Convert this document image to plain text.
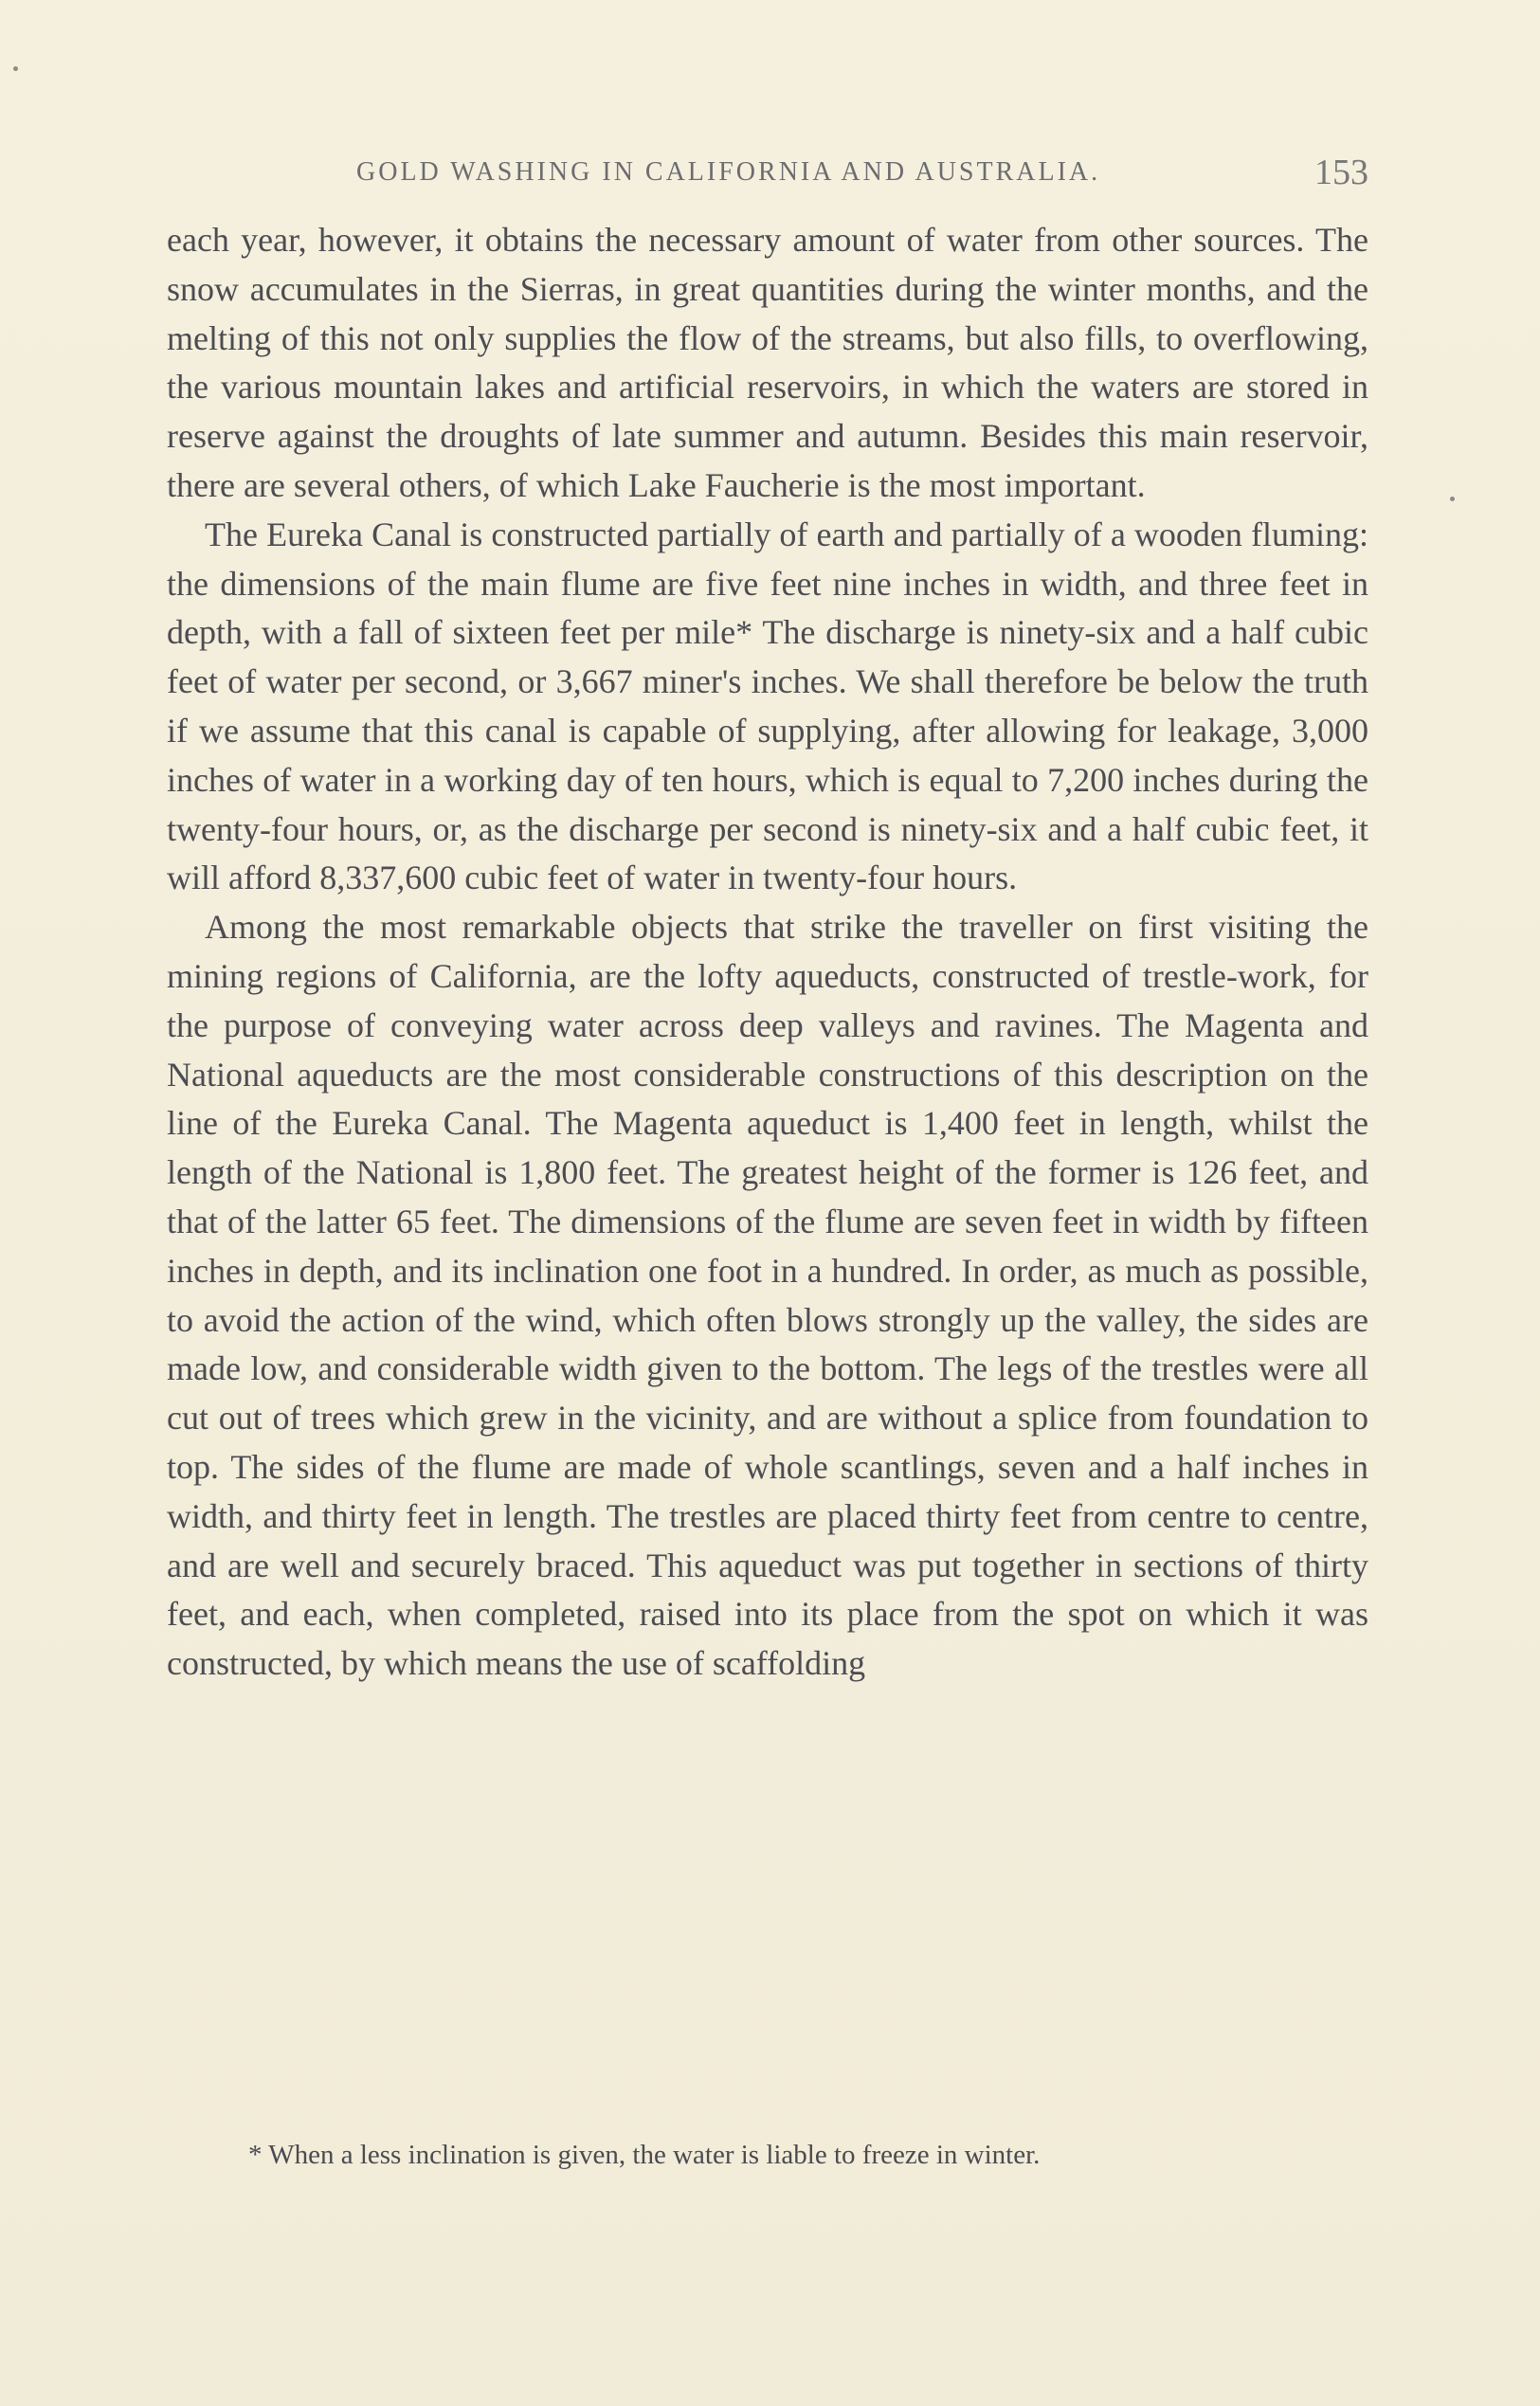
GOLD WASHING IN CALIFORNIA AND AUSTRALIA.	153

each year, however, it obtains the necessary amount of water from other sources. The snow accumulates in the Sierras, in great quantities during the winter months, and the melting of this not only supplies the flow of the streams, but also fills, to overflowing, the various mountain lakes and artificial reservoirs, in which the waters are stored in reserve against the droughts of late summer and autumn. Besides this main reservoir, there are several others, of which Lake Faucherie is the most important.

The Eureka Canal is constructed partially of earth and partially of a wooden fluming: the dimensions of the main flume are five feet nine inches in width, and three feet in depth, with a fall of sixteen feet per mile* The discharge is ninety-six and a half cubic feet of water per second, or 3,667 miner's inches. We shall therefore be below the truth if we assume that this canal is capable of supplying, after allowing for leakage, 3,000 inches of water in a working day of ten hours, which is equal to 7,200 inches during the twenty-four hours, or, as the discharge per second is ninety-six and a half cubic feet, it will afford 8,337,600 cubic feet of water in twenty-four hours.

Among the most remarkable objects that strike the traveller on first visiting the mining regions of California, are the lofty aqueducts, constructed of trestle-work, for the purpose of conveying water across deep valleys and ravines. The Magenta and National aqueducts are the most considerable constructions of this description on the line of the Eureka Canal. The Magenta aqueduct is 1,400 feet in length, whilst the length of the National is 1,800 feet. The greatest height of the former is 126 feet, and that of the latter 65 feet. The dimensions of the flume are seven feet in width by fifteen inches in depth, and its inclination one foot in a hundred. In order, as much as possible, to avoid the action of the wind, which often blows strongly up the valley, the sides are made low, and considerable width given to the bottom. The legs of the trestles were all cut out of trees which grew in the vicinity, and are without a splice from foundation to top. The sides of the flume are made of whole scantlings, seven and a half inches in width, and thirty feet in length. The trestles are placed thirty feet from centre to centre, and are well and securely braced. This aqueduct was put together in sections of thirty feet, and each, when completed, raised into its place from the spot on which it was constructed, by which means the use of scaffolding

* When a less inclination is given, the water is liable to freeze in winter.
